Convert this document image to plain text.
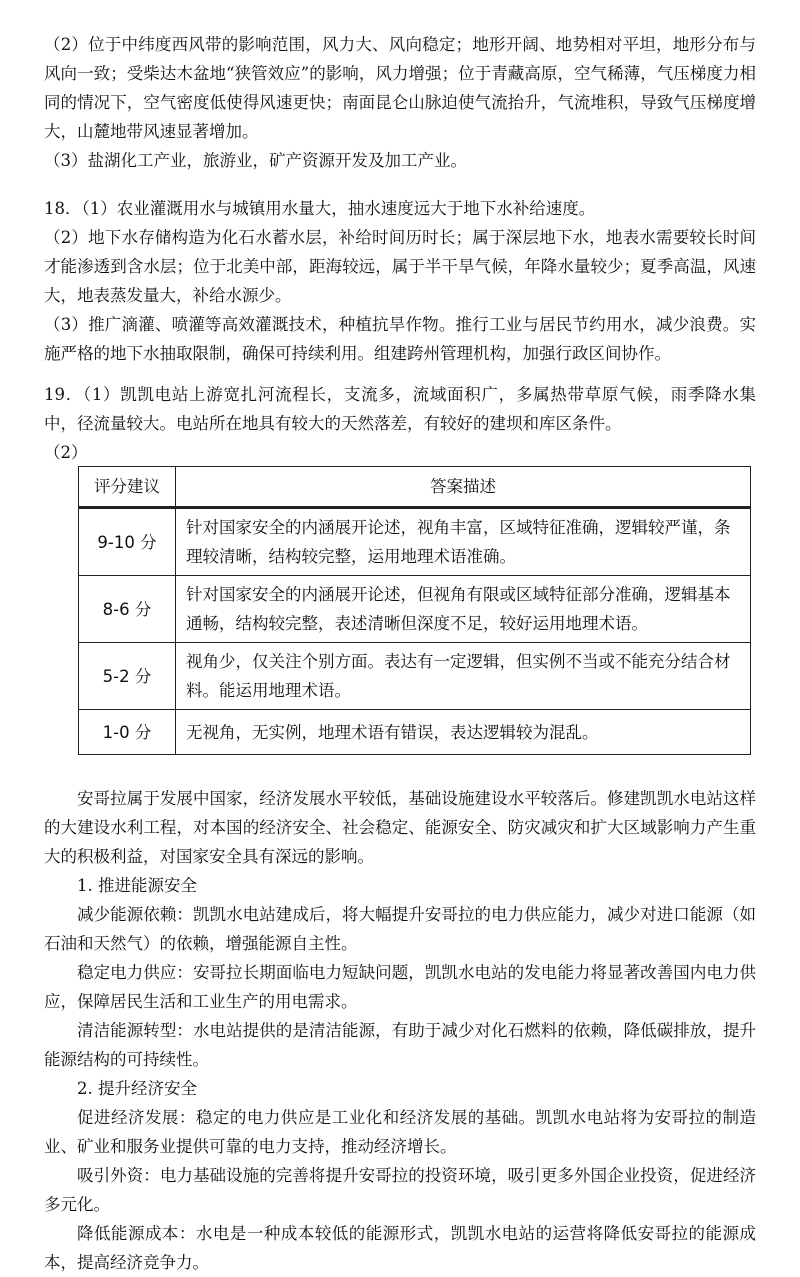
（2）位于中纬度西风带的影响范围，风力大、风向稳定；地形开阔、地势相对平坦，地形分布与风向一致；受柴达木盆地“狭管效应”的影响，风力增强；位于青藏高原，空气稀薄，气压梯度力相同的情况下，空气密度低使得风速更快；南面昆仑山脉迫使气流抬升，气流堆积，导致气压梯度增大，山麓地带风速显著增加。

（3）盐湖化工产业，旅游业，矿产资源开发及加工产业。

18．（1）农业灌溉用水与城镇用水量大，抽水速度远大于地下水补给速度。

（2）地下水存储构造为化石水蓄水层，补给时间历时长；属于深层地下水，地表水需要较长时间才能渗透到含水层；位于北美中部，距海较远，属于半干旱气候，年降水量较少；夏季高温，风速大，地表蒸发量大，补给水源少。

（3）推广滴灌、喷灌等高效灌溉技术，种植抗旱作物。推行工业与居民节约用水，减少浪费。实施严格的地下水抽取限制，确保可持续利用。组建跨州管理机构，加强行政区间协作。

19．（1）凯凯电站上游宽扎河流程长，支流多，流域面积广，多属热带草原气候，雨季降水集中，径流量较大。电站所在地具有较大的天然落差，有较好的建坝和库区条件。

（2）

评分建议	答案描述
9-10 分	针对国家安全的内涵展开论述，视角丰富，区域特征准确，逻辑较严谨，条理较清晰，结构较完整，运用地理术语准确。
8-6 分	针对国家安全的内涵展开论述，但视角有限或区域特征部分准确，逻辑基本通畅，结构较完整，表述清晰但深度不足，较好运用地理术语。
5-2 分	视角少，仅关注个别方面。表达有一定逻辑，但实例不当或不能充分结合材料。能运用地理术语。
1-0 分	无视角，无实例，地理术语有错误，表达逻辑较为混乱。

安哥拉属于发展中国家，经济发展水平较低，基础设施建设水平较落后。修建凯凯水电站这样的大建设水利工程，对本国的经济安全、社会稳定、能源安全、防灾减灾和扩大区域影响力产生重大的积极利益，对国家安全具有深远的影响。

1. 推进能源安全

减少能源依赖：凯凯水电站建成后，将大幅提升安哥拉的电力供应能力，减少对进口能源（如石油和天然气）的依赖，增强能源自主性。

稳定电力供应：安哥拉长期面临电力短缺问题，凯凯水电站的发电能力将显著改善国内电力供应，保障居民生活和工业生产的用电需求。

清洁能源转型：水电站提供的是清洁能源，有助于减少对化石燃料的依赖，降低碳排放，提升能源结构的可持续性。

2. 提升经济安全

促进经济发展：稳定的电力供应是工业化和经济发展的基础。凯凯水电站将为安哥拉的制造业、矿业和服务业提供可靠的电力支持，推动经济增长。

吸引外资：电力基础设施的完善将提升安哥拉的投资环境，吸引更多外国企业投资，促进经济多元化。

降低能源成本：水电是一种成本较低的能源形式，凯凯水电站的运营将降低安哥拉的能源成本，提高经济竞争力。
